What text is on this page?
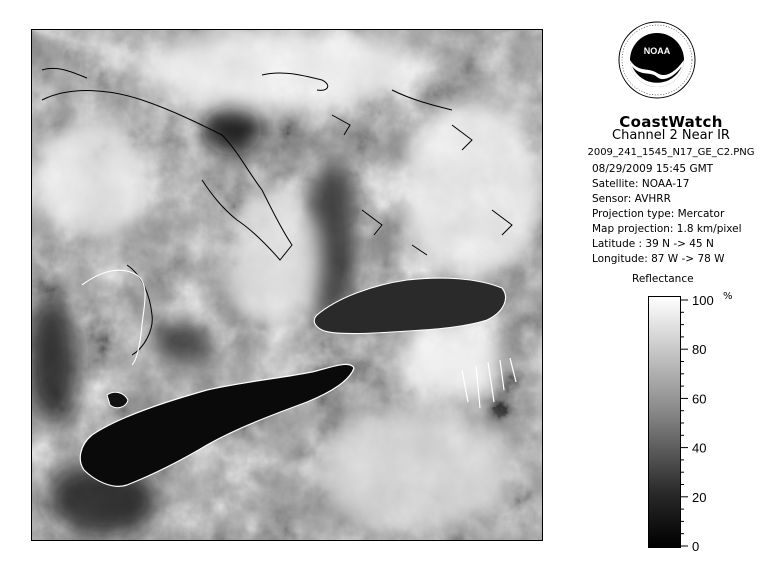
NOAA
CoastWatch
Channel 2 Near IR
2009_241_1545_N17_GE_C2.PNG
08/29/2009 15:45 GMT
Satellite: NOAA-17
Sensor: AVHRR
Projection type: Mercator
Map projection: 1.8 km/pixel
Latitude : 39 N -> 45 N
Longitude: 87 W -> 78 W
Reflectance
100
80
60
40
20
0
%
